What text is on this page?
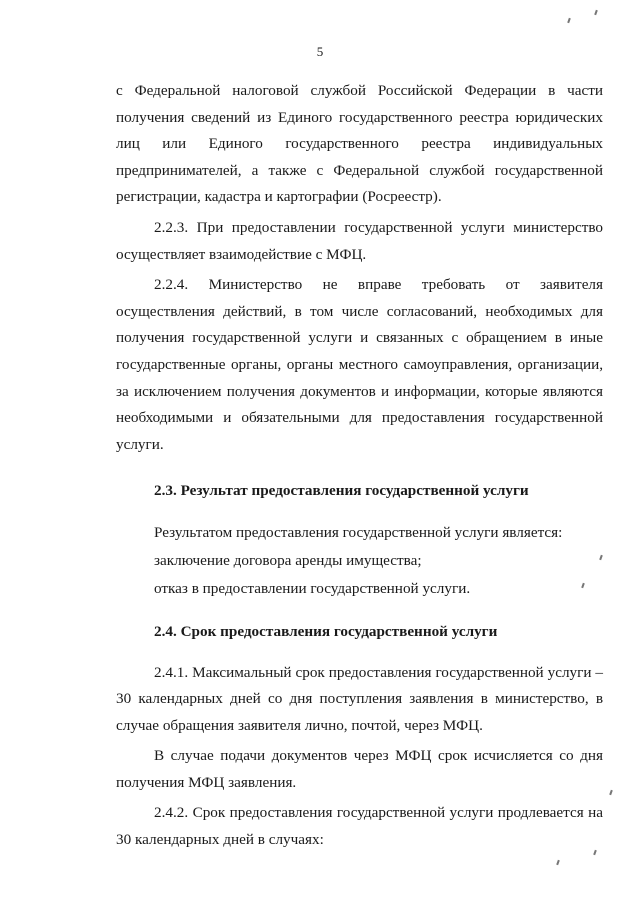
5

с Федеральной налоговой службой Российской Федерации в части получения сведений из Единого государственного реестра юридических лиц или Единого государственного реестра индивидуальных предпринимателей, а также с Федеральной службой государственной регистрации, кадастра и картографии (Росреестр).

2.2.3. При предоставлении государственной услуги министерство осуществляет взаимодействие с МФЦ.

2.2.4. Министерство не вправе требовать от заявителя осуществления действий, в том числе согласований, необходимых для получения государственной услуги и связанных с обращением в иные государственные органы, органы местного самоуправления, организации, за исключением получения документов и информации, которые являются необходимыми и обязательными для предоставления государственной услуги.

2.3. Результат предоставления государственной услуги

Результатом предоставления государственной услуги является:

заключение договора аренды имущества;

отказ в предоставлении государственной услуги.

2.4. Срок предоставления государственной услуги

2.4.1. Максимальный срок предоставления государственной услуги – 30 календарных дней со дня поступления заявления в министерство, в случае обращения заявителя лично, почтой, через МФЦ.

В случае подачи документов через МФЦ срок исчисляется со дня получения МФЦ заявления.

2.4.2. Срок предоставления государственной услуги продлевается на 30 календарных дней в случаях:
